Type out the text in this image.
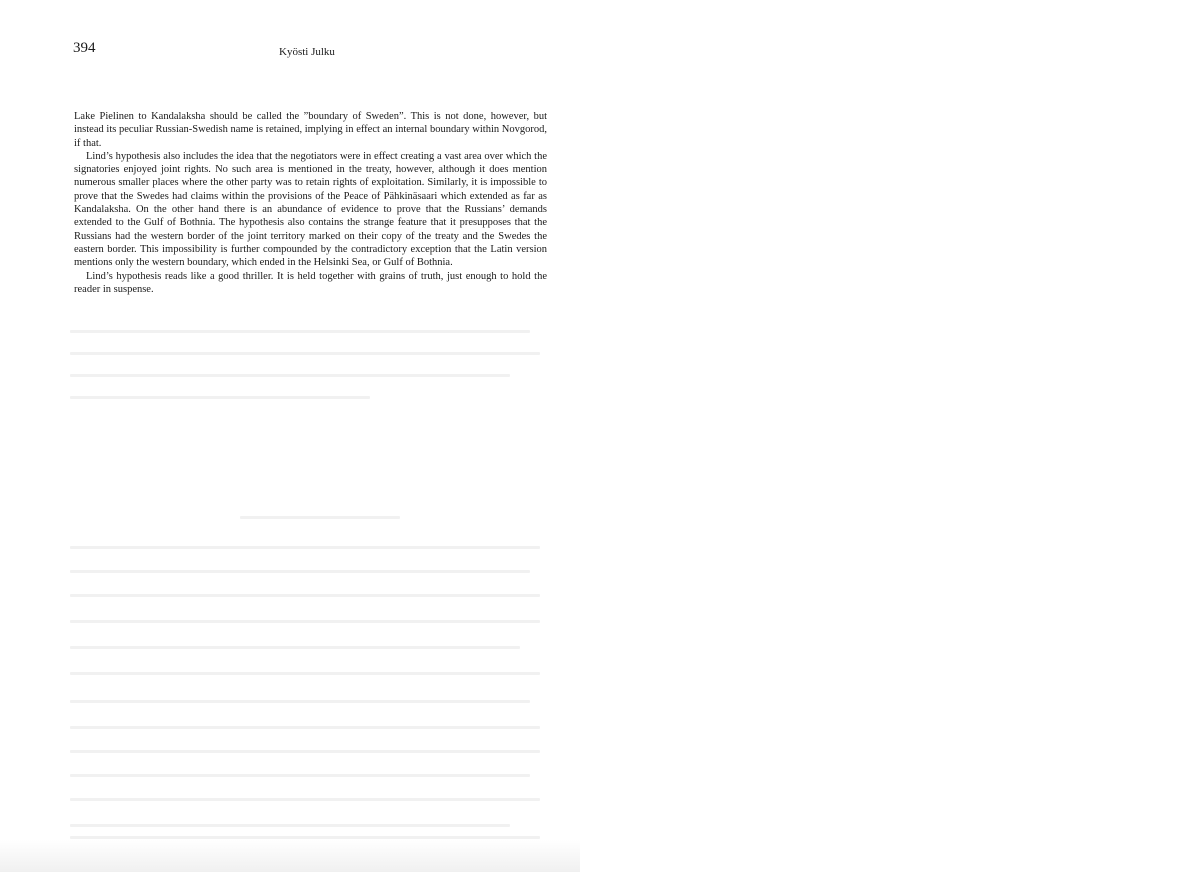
394	Kyösti Julku

Lake Pielinen to Kandalaksha should be called the ”boundary of Sweden”. This is not done, however, but instead its peculiar Russian-Swedish name is retained, implying in effect an internal boundary within Novgorod, if that.

Lind’s hypothesis also includes the idea that the negotiators were in effect creating a vast area over which the signatories enjoyed joint rights. No such area is mentioned in the treaty, however, although it does mention numerous smaller places where the other party was to retain rights of exploitation. Similarly, it is impossible to prove that the Swedes had claims within the provisions of the Peace of Pähkinäsaari which extended as far as Kandalaksha. On the other hand there is an abundance of evidence to prove that the Russians’ demands extended to the Gulf of Bothnia. The hypothesis also contains the strange feature that it presupposes that the Russians had the western border of the joint territory marked on their copy of the treaty and the Swedes the eastern border. This impossibility is further compounded by the contradictory exception that the Latin version mentions only the western boundary, which ended in the Helsinki Sea, or Gulf of Bothnia.

Lind’s hypothesis reads like a good thriller. It is held together with grains of truth, just enough to hold the reader in suspense.
